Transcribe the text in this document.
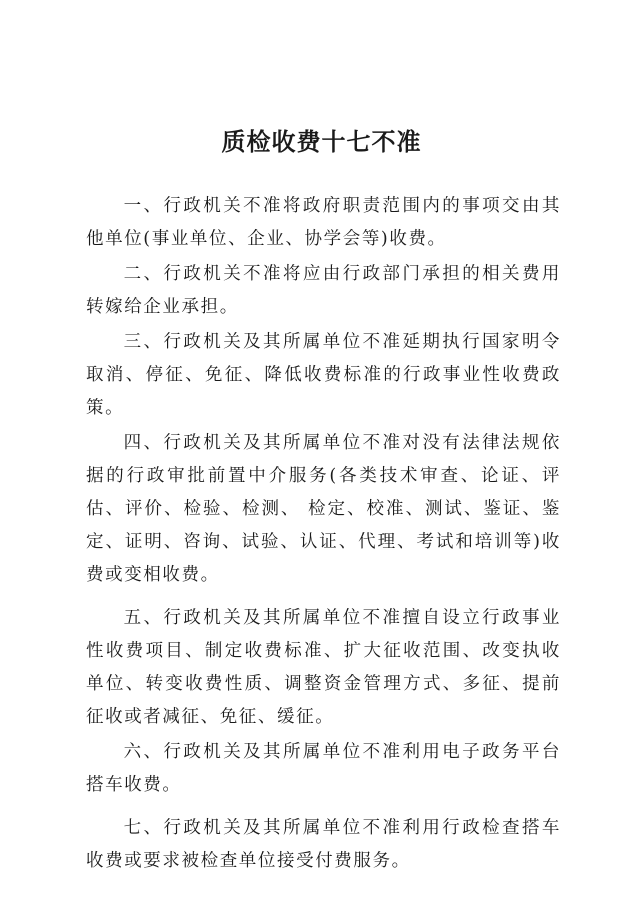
质检收费十七不准

一、行政机关不准将政府职责范围内的事项交由其他单位(事业单位、企业、协学会等)收费。

二、行政机关不准将应由行政部门承担的相关费用转嫁给企业承担。

三、行政机关及其所属单位不准延期执行国家明令取消、停征、免征、降低收费标准的行政事业性收费政策。

四、行政机关及其所属单位不准对没有法律法规依据的行政审批前置中介服务(各类技术审查、论证、评估、评价、检验、检测、 检定、校准、测试、鉴证、鉴定、证明、咨询、试验、认证、代理、考试和培训等)收费或变相收费。

五、行政机关及其所属单位不准擅自设立行政事业性收费项目、制定收费标准、扩大征收范围、改变执收单位、转变收费性质、调整资金管理方式、多征、提前征收或者减征、免征、缓征。

六、行政机关及其所属单位不准利用电子政务平台搭车收费。

七、行政机关及其所属单位不准利用行政检查搭车收费或要求被检查单位接受付费服务。
